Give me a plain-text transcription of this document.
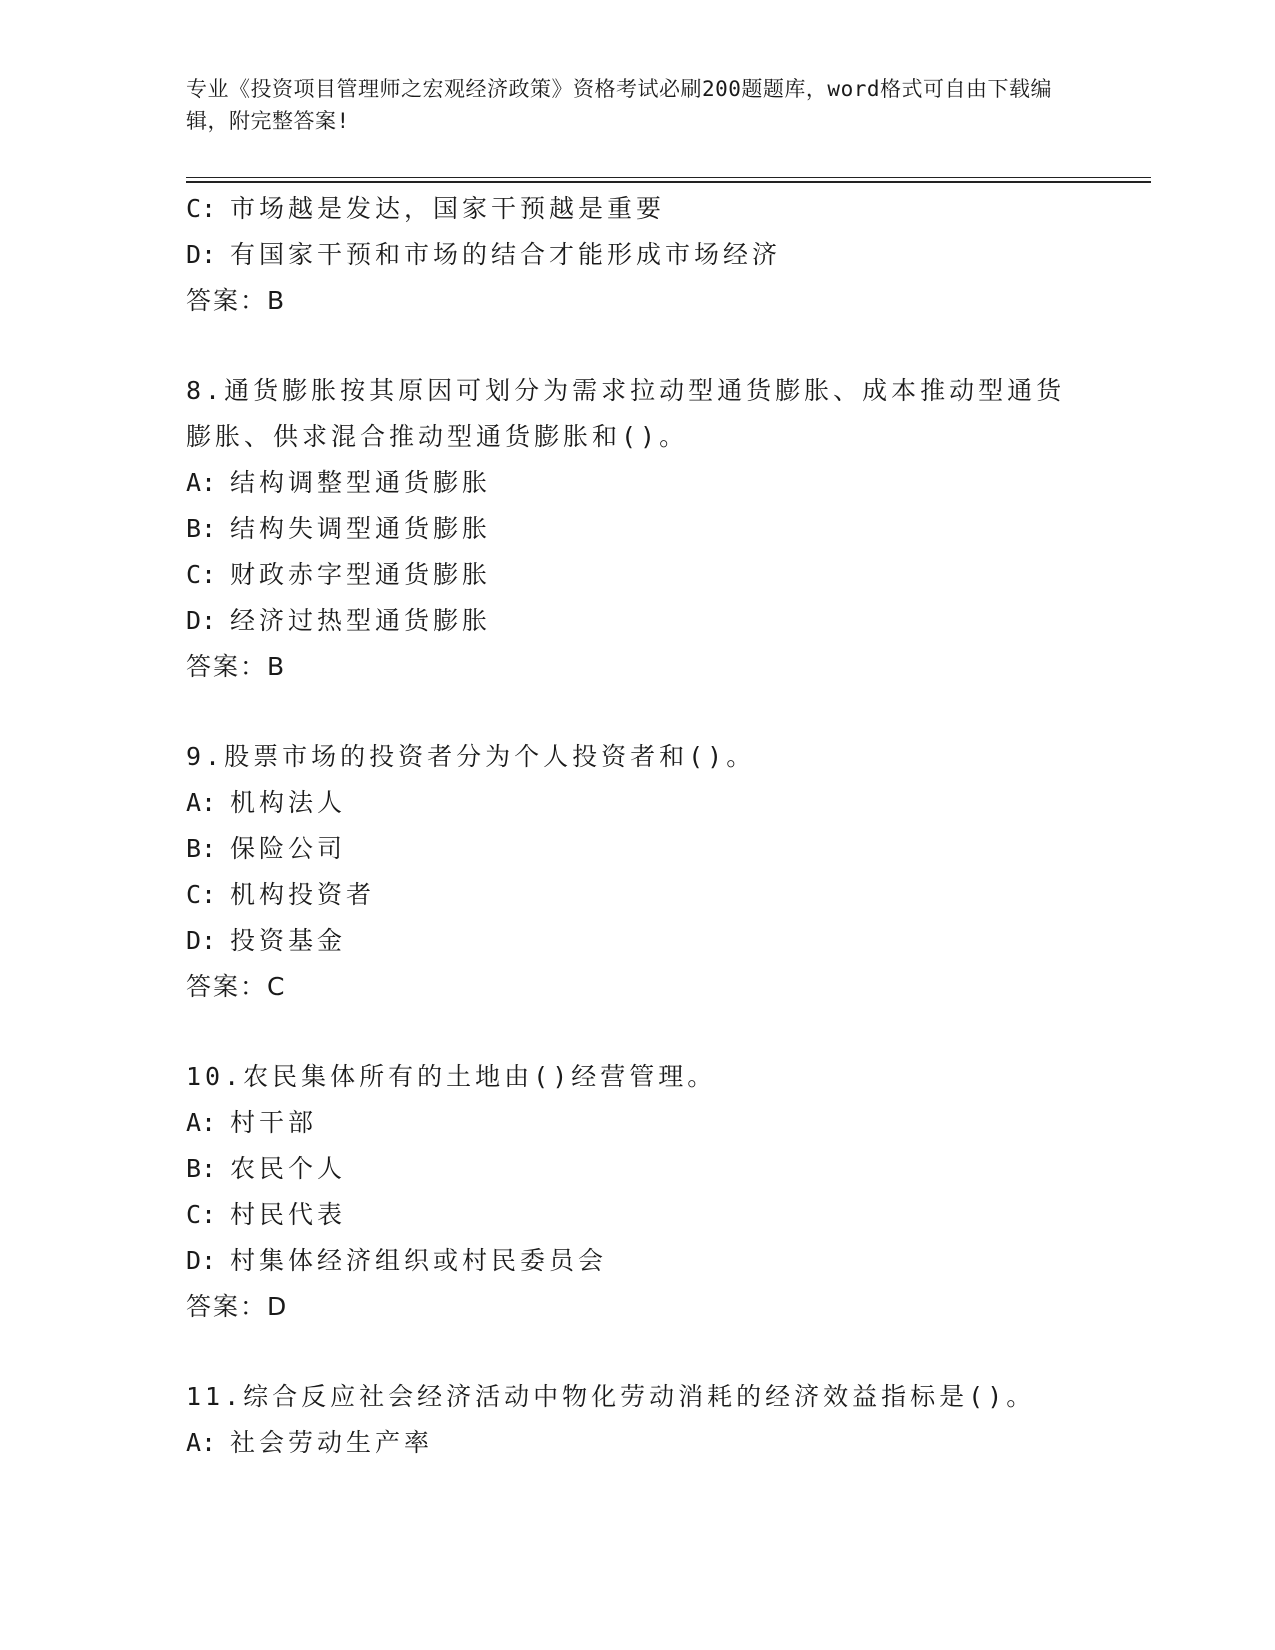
专业《投资项目管理师之宏观经济政策》资格考试必刷200题题库，word格式可自由下载编辑，附完整答案!
C: 市场越是发达，国家干预越是重要
D: 有国家干预和市场的结合才能形成市场经济
答案：B
8.通货膨胀按其原因可划分为需求拉动型通货膨胀、成本推动型通货膨胀、供求混合推动型通货膨胀和()。
A: 结构调整型通货膨胀
B: 结构失调型通货膨胀
C: 财政赤字型通货膨胀
D: 经济过热型通货膨胀
答案：B
9.股票市场的投资者分为个人投资者和()。
A: 机构法人
B: 保险公司
C: 机构投资者
D: 投资基金
答案：C
10.农民集体所有的土地由()经营管理。
A: 村干部
B: 农民个人
C: 村民代表
D: 村集体经济组织或村民委员会
答案：D
11.综合反应社会经济活动中物化劳动消耗的经济效益指标是()。
A: 社会劳动生产率
